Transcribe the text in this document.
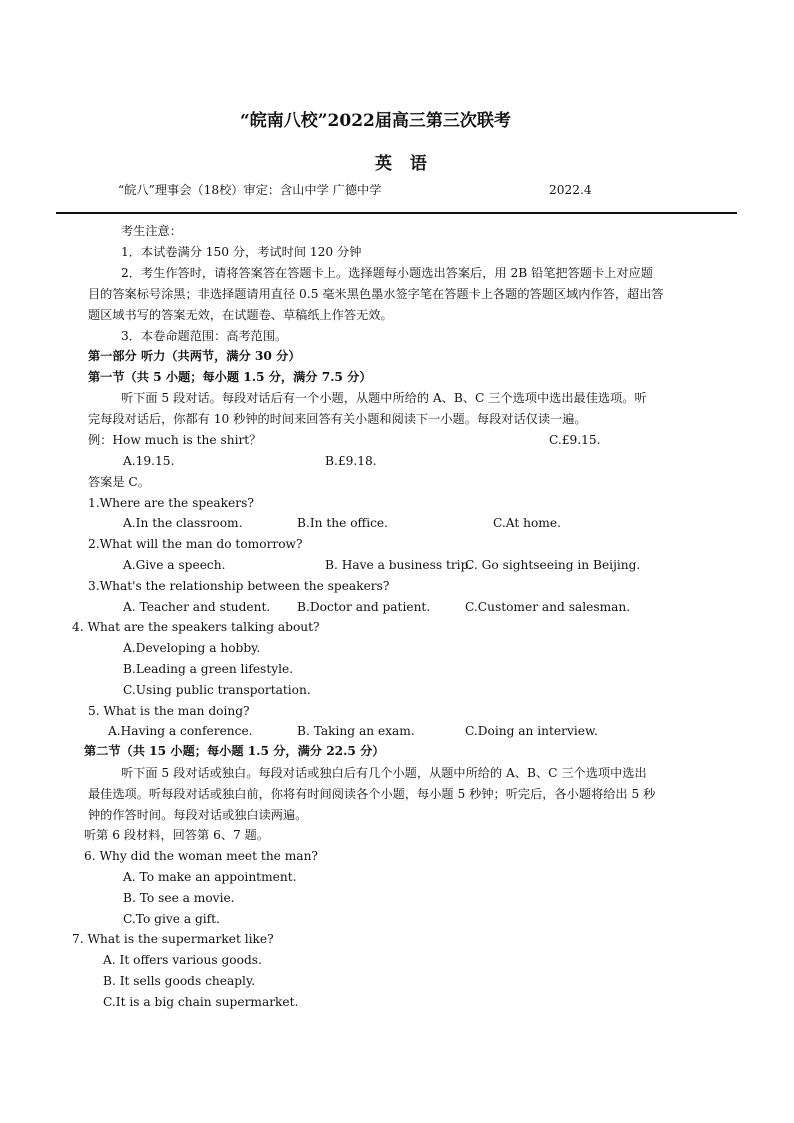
“皖南八校”2022届高三第三次联考
英 语
“皖八”理事会（18校）审定：含山中学 广德中学	2022.4
考生注意：
1．本试卷满分 150 分，考试时间 120 分钟
2．考生作答时，请将答案答在答题卡上。选择题每小题选出答案后，用 2B 铅笔把答题卡上对应题
目的答案标号涂黑；非选择题请用直径 0.5 毫米黑色墨水签字笔在答题卡上各题的答题区域内作答，超出答
题区域书写的答案无效，在试题卷、草稿纸上作答无效。
3．本卷命题范围：高考范围。
第一部分 听力（共两节，满分 30 分）
第一节（共 5 小题；每小题 1.5 分，满分 7.5 分）
听下面 5 段对话。每段对话后有一个小题，从题中所给的 A、B、C 三个选项中选出最佳选项。听
完每段对话后，你都有 10 秒钟的时间来回答有关小题和阅读下一小题。每段对话仅读一遍。
例：How much is the shirt？	C.£9.15.
A.19.15.	B.£9.18.
答案是 C。
1.Where are the speakers?
A.In the classroom.	B.In the office.	C.At home.
2.What will the man do tomorrow?
A.Give a speech.	B. Have a business trip.
C. Go sightseeing in Beijing.
3.What's the relationship between the speakers?
A. Teacher and student. B.Doctor and patient.	C.Customer and salesman.
4. What are the speakers talking about?
A.Developing a hobby.
B.Leading a green lifestyle.
C.Using public transportation.
5. What is the man doing?
A.Having a conference.	B. Taking an exam.	C.Doing an interview.
第二节（共 15 小题；每小题 1.5 分，满分 22.5 分）
听下面 5 段对话或独白。每段对话或独白后有几个小题，从题中所给的 A、B、C 三个选项中选出
最佳选项。听每段对话或独白前，你将有时间阅读各个小题，每小题 5 秒钟；听完后，各小题将给出 5 秒
钟的作答时间。每段对话或独白读两遍。
听第 6 段材料，回答第 6、7 题。
6. Why did the woman meet the man?
A. To make an appointment.
B. To see a movie.
C.To give a gift.
7. What is the supermarket like?
A. It offers various goods.
B. It sells goods cheaply.
C.It is a big chain supermarket.
